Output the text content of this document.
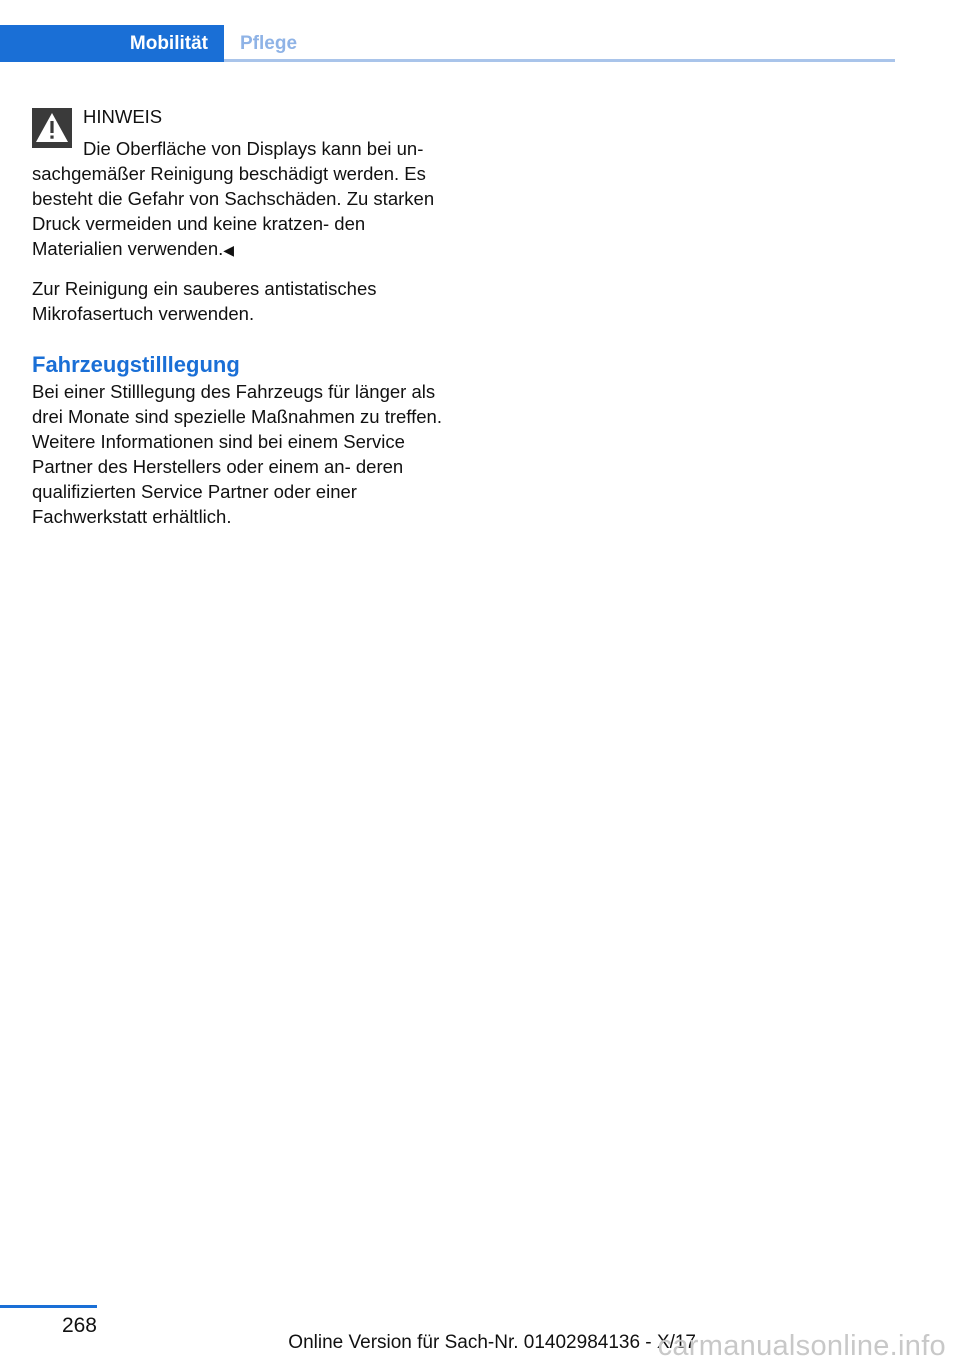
Mobilität	Pflege
HINWEIS
Die Oberfläche von Displays kann bei un‐
sachgemäßer Reinigung beschädigt werden. Es besteht die Gefahr von Sachschäden. Zu starken Druck vermeiden und keine kratzen‐ den Materialien verwenden.◀

Zur Reinigung ein sauberes antistatisches Mikrofasertuch verwenden.

Fahrzeugstilllegung

Bei einer Stilllegung des Fahrzeugs für länger als drei Monate sind spezielle Maßnahmen zu treffen. Weitere Informationen sind bei einem Service Partner des Herstellers oder einem an‐ deren qualifizierten Service Partner oder einer Fachwerkstatt erhältlich.

268
Online Version für Sach-Nr. 01402984136 - X/17
carmanualsonline.info
